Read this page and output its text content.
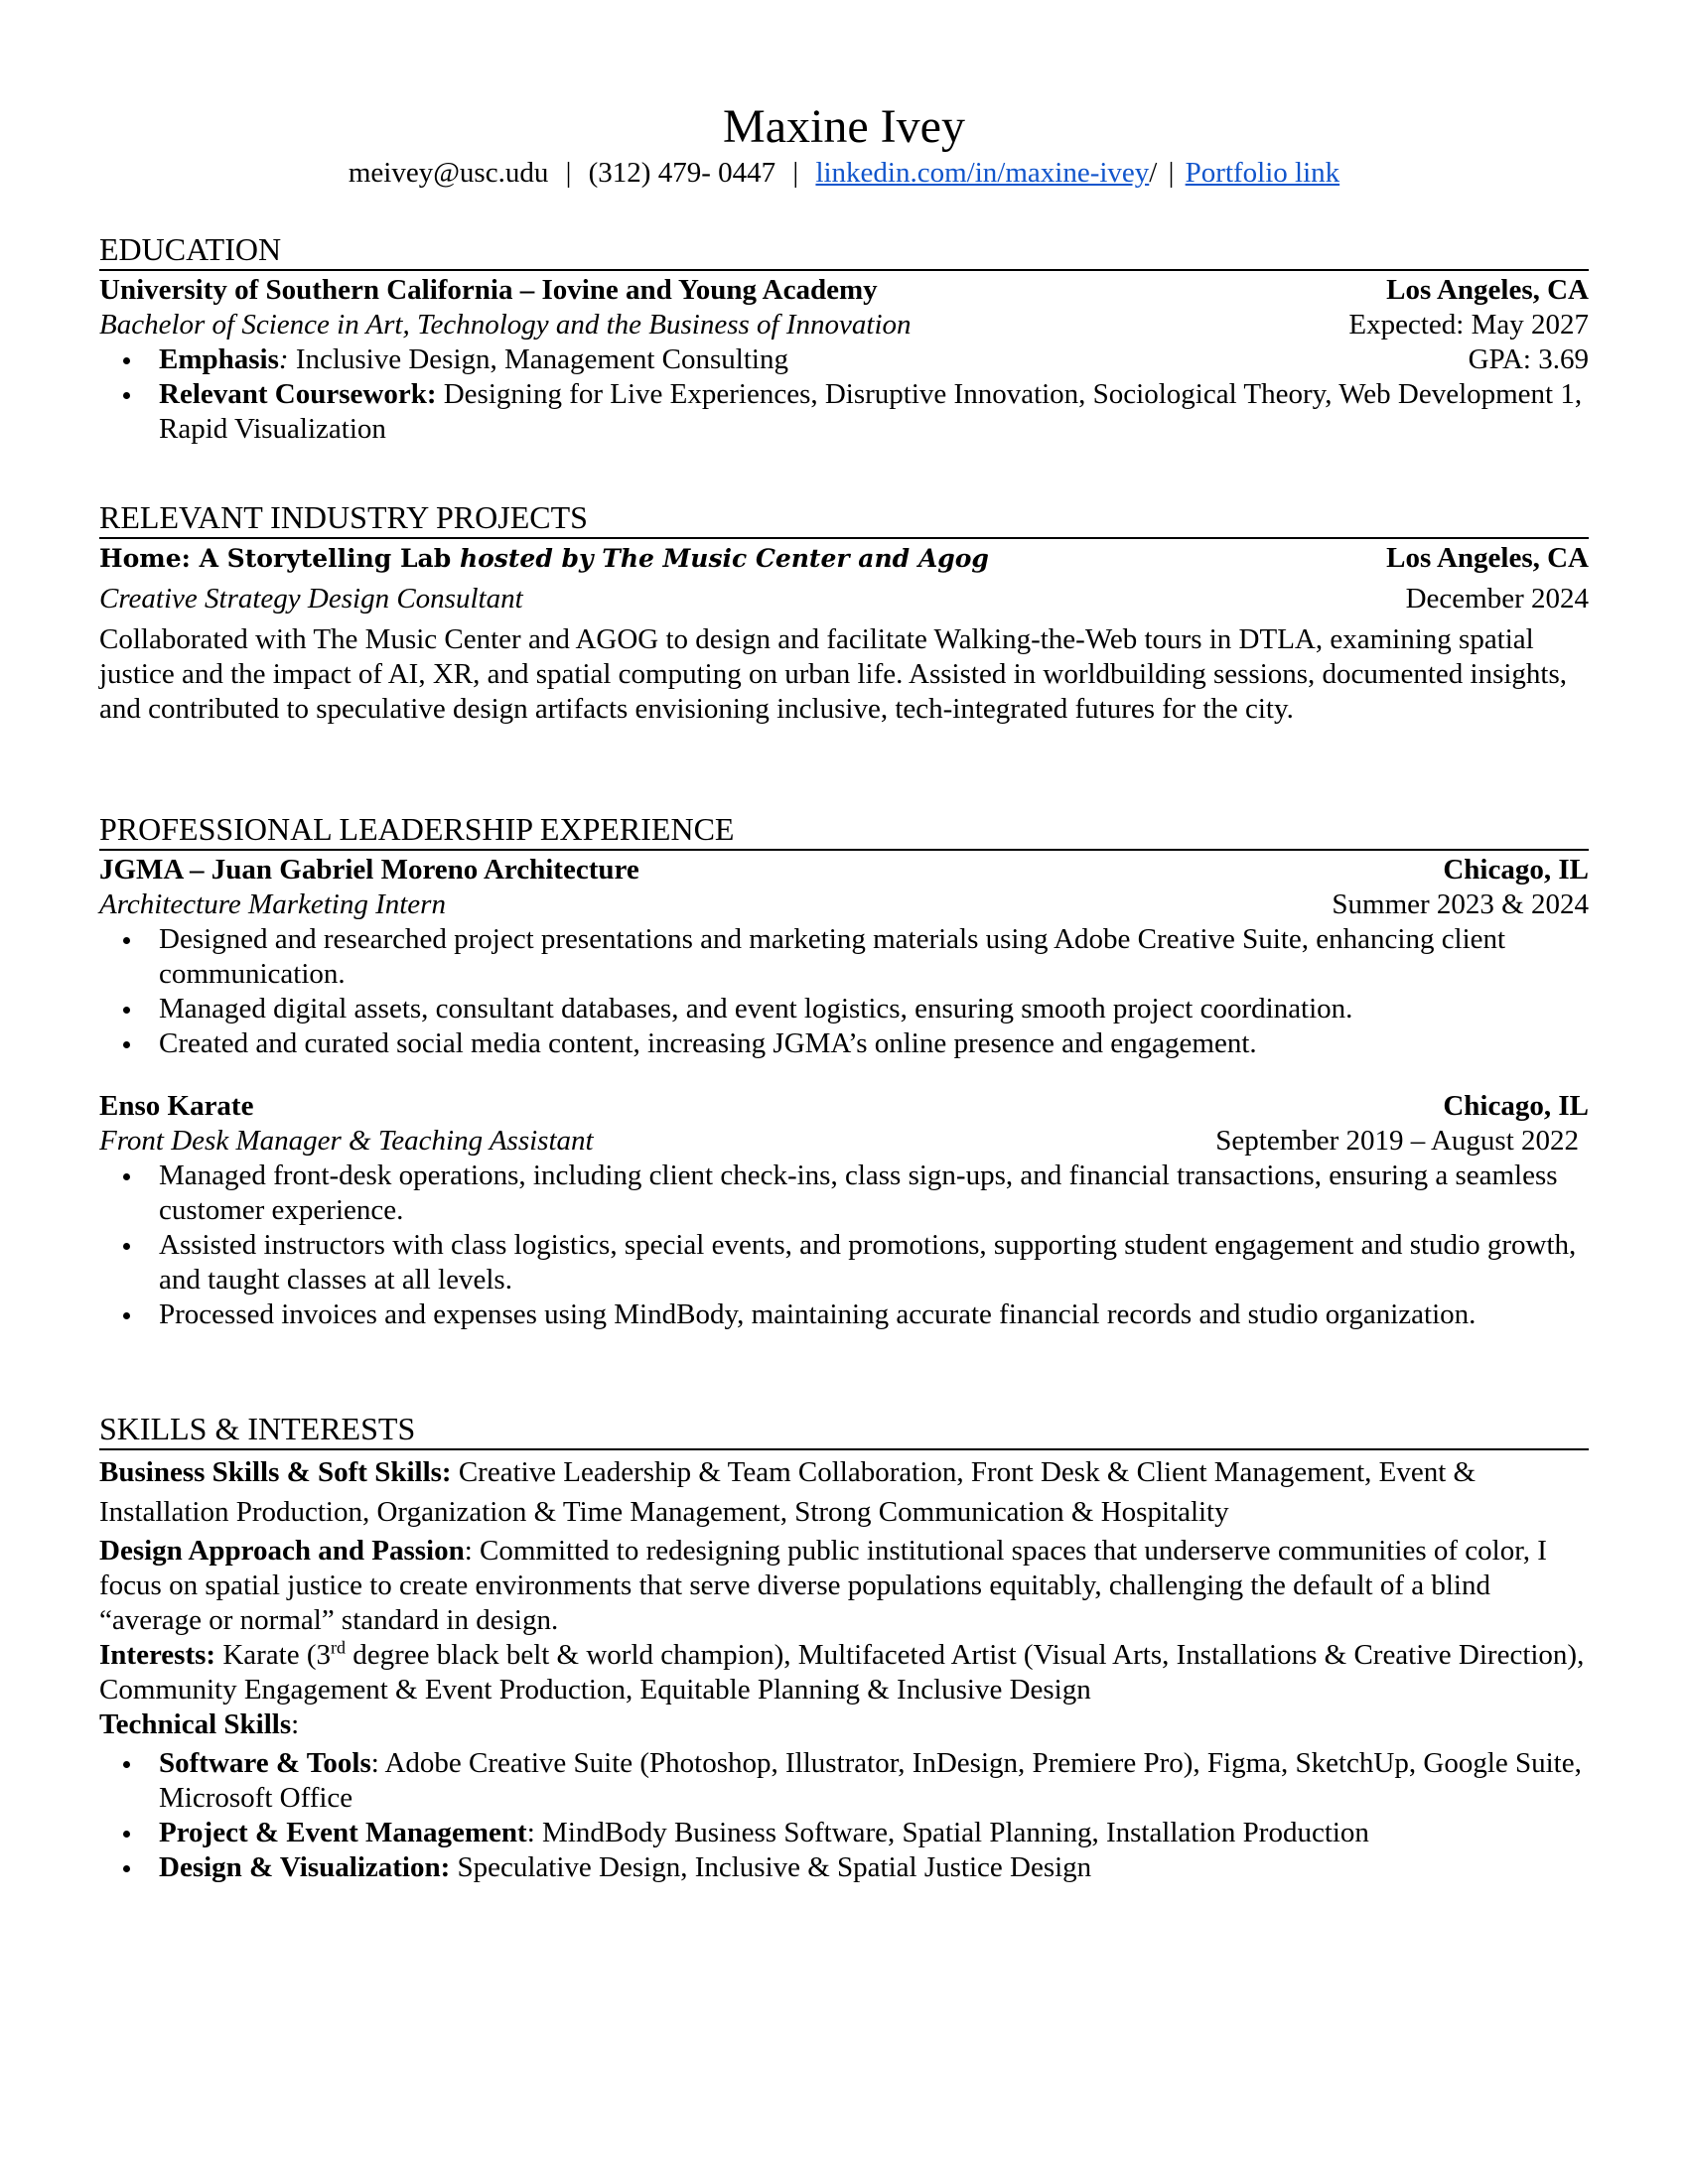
Maxine Ivey
meivey@usc.udu | (312) 479- 0447 | linkedin.com/in/maxine-ivey/ | Portfolio link
EDUCATION
University of Southern California – Iovine and Young Academy	Los Angeles, CA
Bachelor of Science in Art, Technology and the Business of Innovation	Expected: May 2027
Emphasis: Inclusive Design, Management Consulting	GPA: 3.69
Relevant Coursework: Designing for Live Experiences, Disruptive Innovation, Sociological Theory, Web Development 1, Rapid Visualization
RELEVANT INDUSTRY PROJECTS
Home: A Storytelling Lab hosted by The Music Center and Agog	Los Angeles, CA
Creative Strategy Design Consultant	December 2024
Collaborated with The Music Center and AGOG to design and facilitate Walking-the-Web tours in DTLA, examining spatial justice and the impact of AI, XR, and spatial computing on urban life. Assisted in worldbuilding sessions, documented insights, and contributed to speculative design artifacts envisioning inclusive, tech-integrated futures for the city.
PROFESSIONAL LEADERSHIP EXPERIENCE
JGMA – Juan Gabriel Moreno Architecture	Chicago, IL
Architecture Marketing Intern	Summer 2023 & 2024
Designed and researched project presentations and marketing materials using Adobe Creative Suite, enhancing client communication.
Managed digital assets, consultant databases, and event logistics, ensuring smooth project coordination.
Created and curated social media content, increasing JGMA’s online presence and engagement.
Enso Karate	Chicago, IL
Front Desk Manager & Teaching Assistant	September 2019 – August 2022
Managed front-desk operations, including client check-ins, class sign-ups, and financial transactions, ensuring a seamless customer experience.
Assisted instructors with class logistics, special events, and promotions, supporting student engagement and studio growth, and taught classes at all levels.
Processed invoices and expenses using MindBody, maintaining accurate financial records and studio organization.
SKILLS & INTERESTS
Business Skills & Soft Skills: Creative Leadership & Team Collaboration, Front Desk & Client Management, Event & Installation Production, Organization & Time Management, Strong Communication & Hospitality
Design Approach and Passion: Committed to redesigning public institutional spaces that underserve communities of color, I focus on spatial justice to create environments that serve diverse populations equitably, challenging the default of a blind “average or normal” standard in design.
Interests: Karate (3rd degree black belt & world champion), Multifaceted Artist (Visual Arts, Installations & Creative Direction), Community Engagement & Event Production, Equitable Planning & Inclusive Design
Technical Skills:
Software & Tools: Adobe Creative Suite (Photoshop, Illustrator, InDesign, Premiere Pro), Figma, SketchUp, Google Suite, Microsoft Office
Project & Event Management: MindBody Business Software, Spatial Planning, Installation Production
Design & Visualization: Speculative Design, Inclusive & Spatial Justice Design
